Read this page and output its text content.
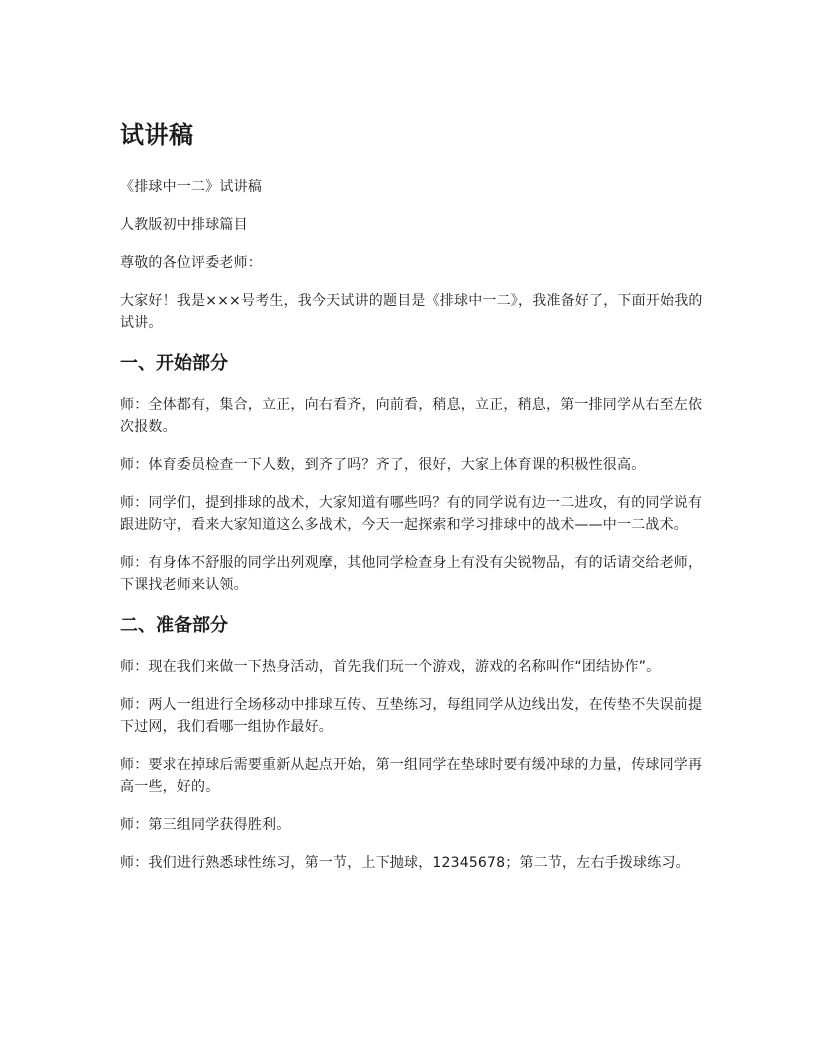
试讲稿

《排球中一二》试讲稿

人教版初中排球篇目

尊敬的各位评委老师：

大家好！我是×××号考生，我今天试讲的题目是《排球中一二》，我准备好了，下面开始我的试讲。

一、开始部分

师：全体都有，集合，立正，向右看齐，向前看，稍息，立正，稍息，第一排同学从右至左依次报数。

师：体育委员检查一下人数，到齐了吗？齐了，很好，大家上体育课的积极性很高。

师：同学们，提到排球的战术，大家知道有哪些吗？有的同学说有边一二进攻，有的同学说有跟进防守，看来大家知道这么多战术，今天一起探索和学习排球中的战术——中一二战术。

师：有身体不舒服的同学出列观摩，其他同学检查身上有没有尖锐物品，有的话请交给老师，下课找老师来认领。

二、准备部分

师：现在我们来做一下热身活动，首先我们玩一个游戏，游戏的名称叫作“团结协作”。

师：两人一组进行全场移动中排球互传、互垫练习，每组同学从边线出发，在传垫不失误前提下过网，我们看哪一组协作最好。

师：要求在掉球后需要重新从起点开始，第一组同学在垫球时要有缓冲球的力量，传球同学再高一些，好的。

师：第三组同学获得胜利。

师：我们进行熟悉球性练习，第一节，上下抛球，12345678；第二节，左右手拨球练习。
